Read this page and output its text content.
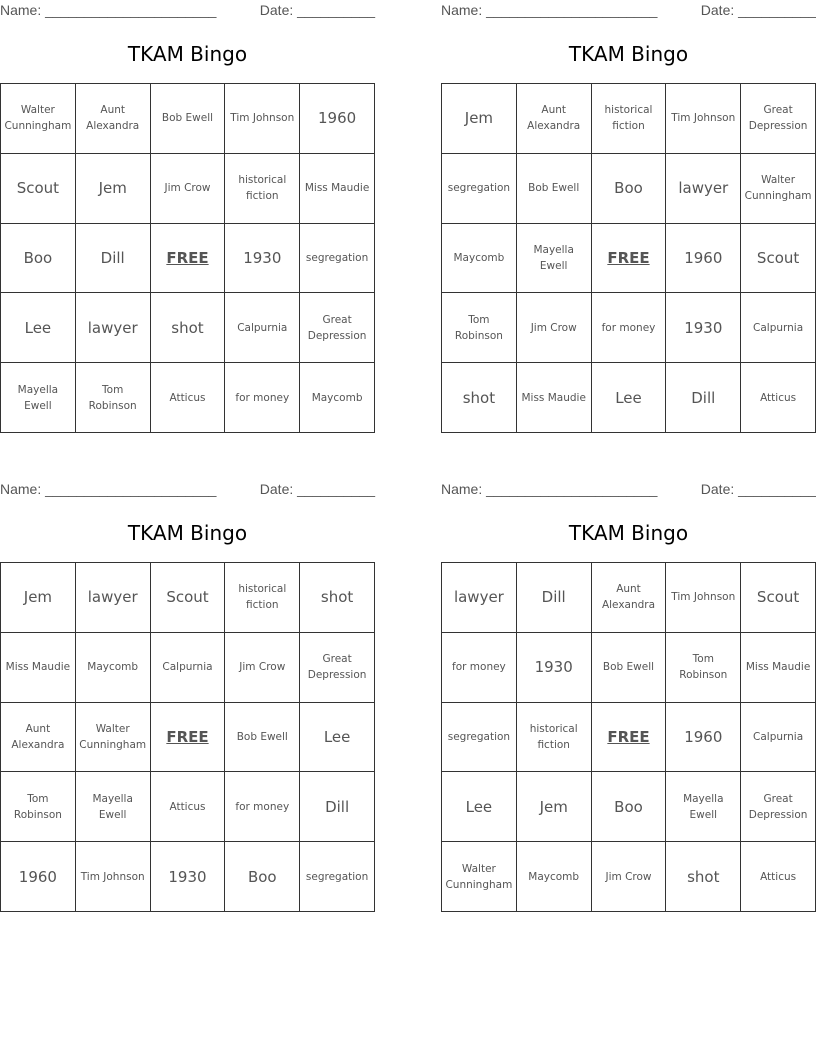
Name: ______________________	Date: __________
TKAM Bingo
Walter Cunningham	Aunt Alexandra	Bob Ewell	Tim Johnson	1960
Scout	Jem	Jim Crow	historical fiction	Miss Maudie
Boo	Dill	FREE	1930	segregation
Lee	lawyer	shot	Calpurnia	Great Depression
Mayella Ewell	Tom Robinson	Atticus	for money	Maycomb
Name: ______________________	Date: __________
TKAM Bingo
Jem	Aunt Alexandra	historical fiction	Tim Johnson	Great Depression
segregation	Bob Ewell	Boo	lawyer	Walter Cunningham
Maycomb	Mayella Ewell	FREE	1960	Scout
Tom Robinson	Jim Crow	for money	1930	Calpurnia
shot	Miss Maudie	Lee	Dill	Atticus
Name: ______________________	Date: __________
TKAM Bingo
Jem	lawyer	Scout	historical fiction	shot
Miss Maudie	Maycomb	Calpurnia	Jim Crow	Great Depression
Aunt Alexandra	Walter Cunningham	FREE	Bob Ewell	Lee
Tom Robinson	Mayella Ewell	Atticus	for money	Dill
1960	Tim Johnson	1930	Boo	segregation
Name: ______________________	Date: __________
TKAM Bingo
lawyer	Dill	Aunt Alexandra	Tim Johnson	Scout
for money	1930	Bob Ewell	Tom Robinson	Miss Maudie
segregation	historical fiction	FREE	1960	Calpurnia
Lee	Jem	Boo	Mayella Ewell	Great Depression
Walter Cunningham	Maycomb	Jim Crow	shot	Atticus
